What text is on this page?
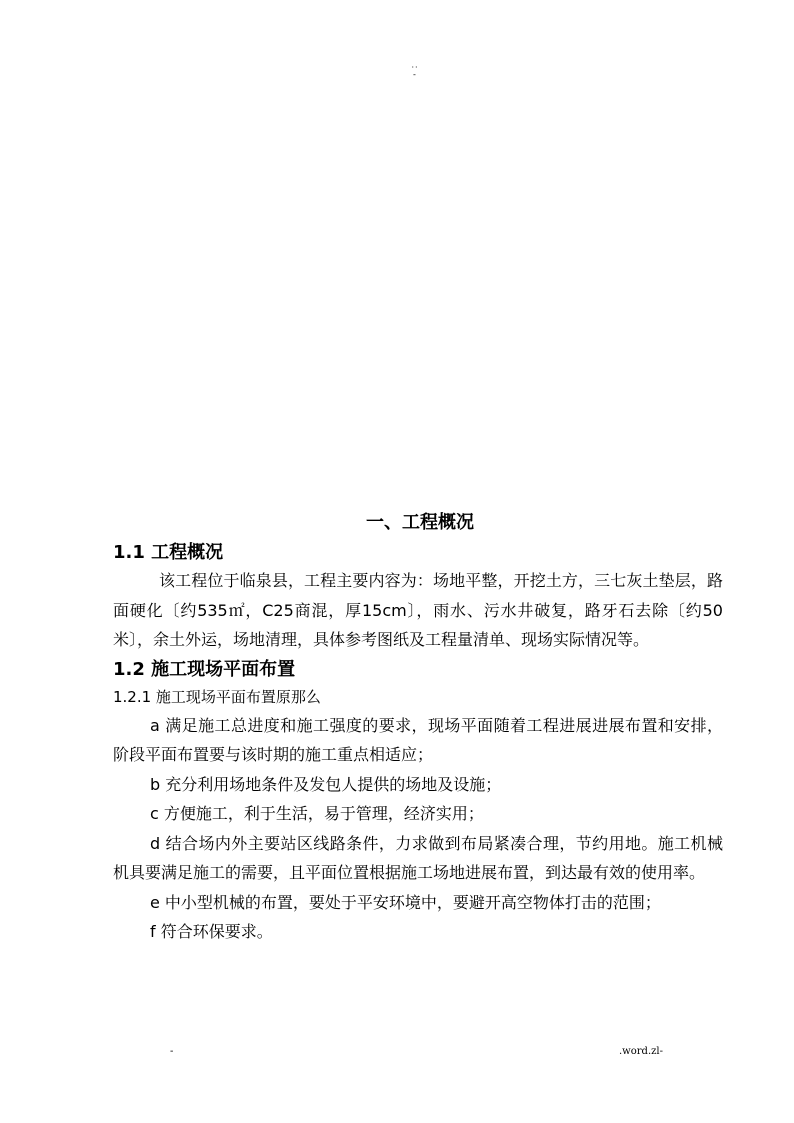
··
-
一、工程概况
1.1 工程概况

该工程位于临泉县，工程主要内容为：场地平整，开挖土方，三七灰土垫层，路面硬化〔约535㎡，C25商混，厚15cm〕，雨水、污水井破复，路牙石去除〔约50米〕，余土外运，场地清理，具体参考图纸及工程量清单、现场实际情况等。

1.2 施工现场平面布置
1.2.1 施工现场平面布置原那么

a 满足施工总进度和施工强度的要求，现场平面随着工程进展进展布置和安排，阶段平面布置要与该时期的施工重点相适应；

b 充分利用场地条件及发包人提供的场地及设施；

c 方便施工，利于生活，易于管理，经济实用；

d 结合场内外主要站区线路条件，力求做到布局紧凑合理，节约用地。施工机械机具要满足施工的需要，且平面位置根据施工场地进展布置，到达最有效的使用率。

e 中小型机械的布置，要处于平安环境中，要避开高空物体打击的范围；

f 符合环保要求。

-	.word.zl-
